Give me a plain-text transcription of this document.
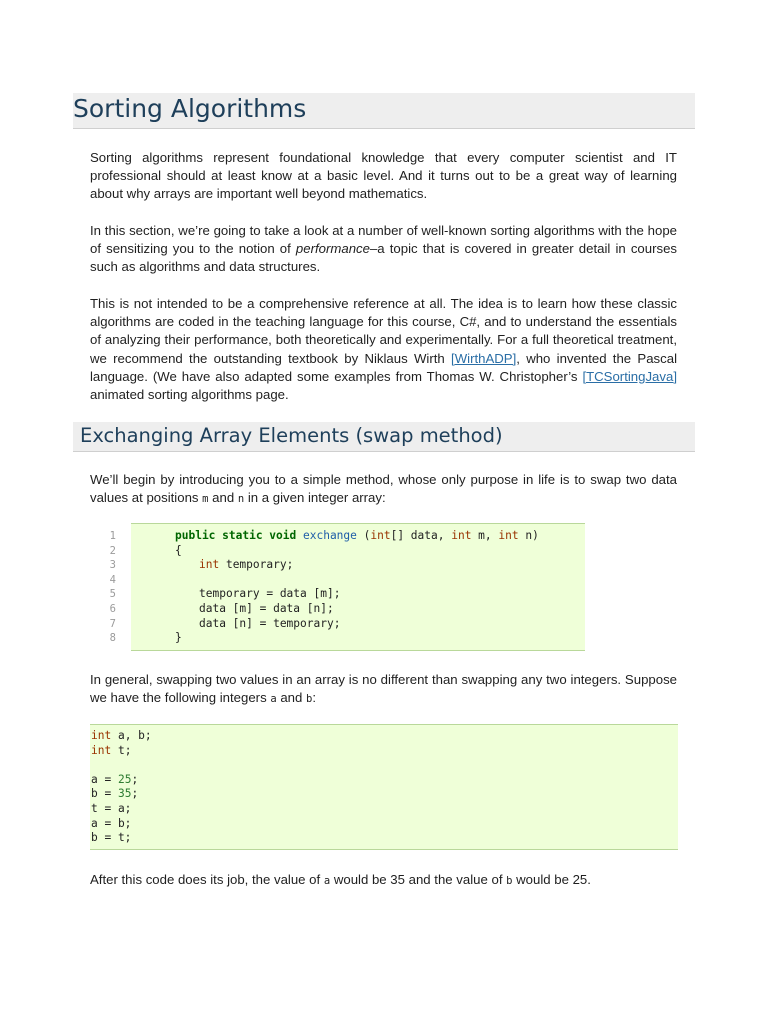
Sorting Algorithms

Sorting algorithms represent foundational knowledge that every computer scientist and IT professional should at least know at a basic level. And it turns out to be a great way of learning about why arrays are important well beyond mathematics.

In this section, we’re going to take a look at a number of well-known sorting algorithms with the hope of sensitizing you to the notion of performance–a topic that is covered in greater detail in courses such as algorithms and data structures.

This is not intended to be a comprehensive reference at all. The idea is to learn how these classic algorithms are coded in the teaching language for this course, C#, and to understand the essentials of analyzing their performance, both theoretically and experimentally. For a full theoretical treatment, we recommend the outstanding textbook by Niklaus Wirth [WirthADP], who invented the Pascal language. (We have also adapted some examples from Thomas W. Christopher’s [TCSortingJava] animated sorting algorithms page.

Exchanging Array Elements (swap method)

We’ll begin by introducing you to a simple method, whose only purpose in life is to swap two data values at positions m and n in a given integer array:

1
2
3
4
5
6
7
8
public static void exchange (int[] data, int m, int n)
{
int temporary;
temporary = data [m];
data [m] = data [n];
data [n] = temporary;
}

In general, swapping two values in an array is no different than swapping any two integers. Suppose we have the following integers a and b:

int a, b;
int t;
a = 25;
b = 35;
t = a;
a = b;
b = t;

After this code does its job, the value of a would be 35 and the value of b would be 25.
